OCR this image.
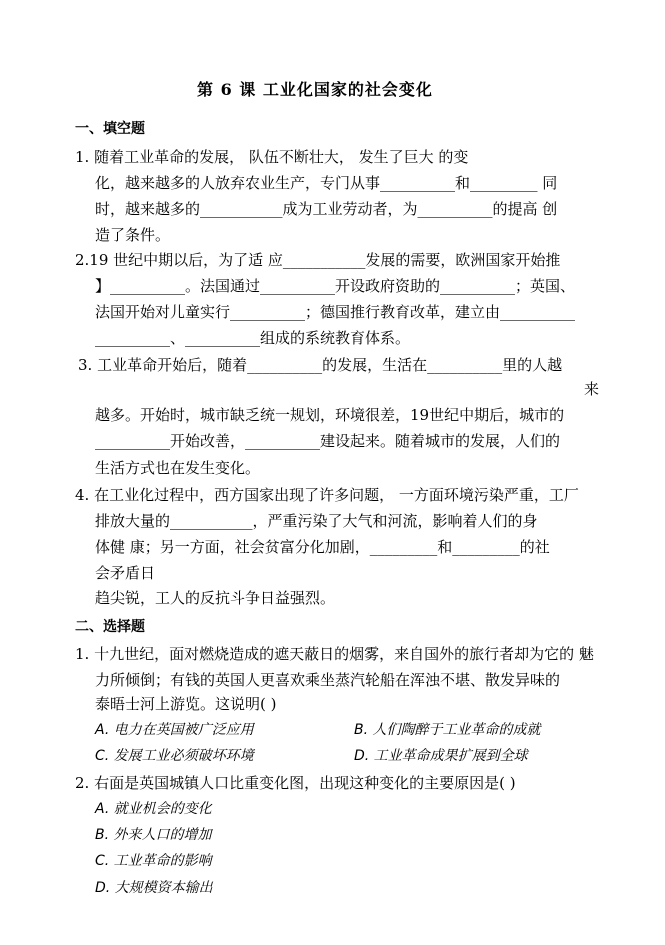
第 6 课 工业化国家的社会变化
一、填空题
1. 随着工业革命的发展， 队伍不断壮大， 发生了巨大 的变
化，越来越多的人放弃农业生产，专门从事__________和_________ 同
时，越来越多的___________成为工业劳动者，为__________的提高 创
造了条件。
2.19 世纪中期以后，为了适 应___________发展的需要，欧洲国家开始推
】__________。法国通过__________开设政府资助的__________；英国、
法国开始对儿童实行__________；德国推行教育改革，建立由__________
__________、__________组成的系统教育体系。
3. 工业革命开始后，随着__________的发展，生活在__________里的人越
来
越多。开始时，城市缺乏统一规划，环境很差，19世纪中期后，城市的
__________开始改善，__________建设起来。随着城市的发展，人们的
生活方式也在发生变化。
4. 在工业化过程中，西方国家出现了许多问题， 一方面环境污染严重，工厂
排放大量的___________，严重污染了大气和河流，影响着人们的身
体健 康；另一方面，社会贫富分化加剧，_________和_________的社
会矛盾日
趋尖锐，工人的反抗斗争日益强烈。
二、选择题
1. 十九世纪，面对燃烧造成的遮天蔽日的烟雾，来自国外的旅行者却为它的 魅
力所倾倒；有钱的英国人更喜欢乘坐蒸汽轮船在浑浊不堪、散发异味的
泰晤士河上游览。这说明( )
A. 电力在英国被广泛应用	B. 人们陶醉于工业革命的成就
C. 发展工业必须破坏环境	D. 工业革命成果扩展到全球
2. 右面是英国城镇人口比重变化图，出现这种变化的主要原因是( )
A. 就业机会的变化
B. 外来人口的增加
C. 工业革命的影响
D. 大规模资本输出
